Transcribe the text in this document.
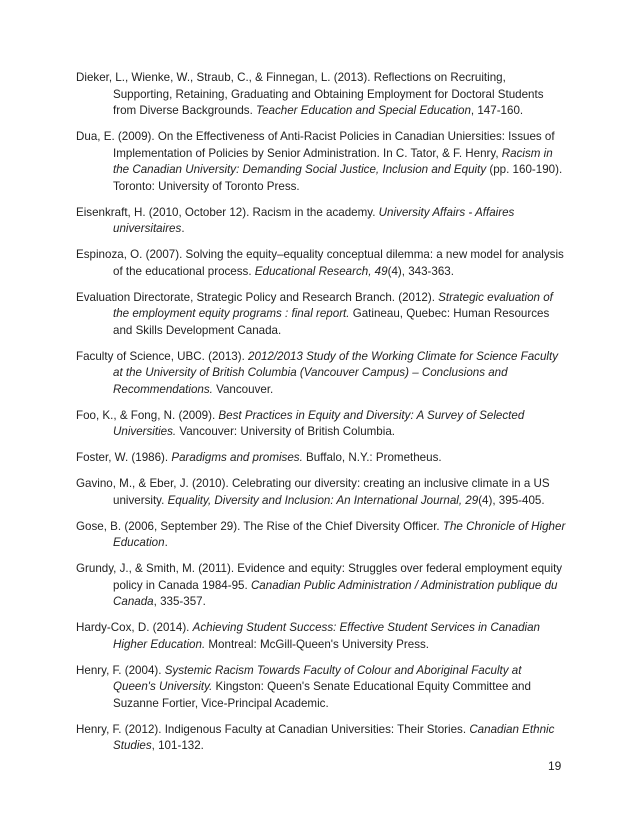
Dieker, L., Wienke, W., Straub, C., & Finnegan, L. (2013). Reflections on Recruiting, Supporting, Retaining, Graduating and Obtaining Employment for Doctoral Students from Diverse Backgrounds. Teacher Education and Special Education, 147-160.

Dua, E. (2009). On the Effectiveness of Anti-Racist Policies in Canadian Uniersities: Issues of Implementation of Policies by Senior Administration. In C. Tator, & F. Henry, Racism in the Canadian University: Demanding Social Justice, Inclusion and Equity (pp. 160-190). Toronto: University of Toronto Press.

Eisenkraft, H. (2010, October 12). Racism in the academy. University Affairs - Affaires universitaires.

Espinoza, O. (2007). Solving the equity–equality conceptual dilemma: a new model for analysis of the educational process. Educational Research, 49(4), 343-363.

Evaluation Directorate, Strategic Policy and Research Branch. (2012). Strategic evaluation of the employment equity programs : final report. Gatineau, Quebec: Human Resources and Skills Development Canada.

Faculty of Science, UBC. (2013). 2012/2013 Study of the Working Climate for Science Faculty at the University of British Columbia (Vancouver Campus) – Conclusions and Recommendations. Vancouver.

Foo, K., & Fong, N. (2009). Best Practices in Equity and Diversity: A Survey of Selected Universities. Vancouver: University of British Columbia.

Foster, W. (1986). Paradigms and promises. Buffalo, N.Y.: Prometheus.

Gavino, M., & Eber, J. (2010). Celebrating our diversity: creating an inclusive climate in a US university. Equality, Diversity and Inclusion: An International Journal, 29(4), 395-405.

Gose, B. (2006, September 29). The Rise of the Chief Diversity Officer. The Chronicle of Higher Education.

Grundy, J., & Smith, M. (2011). Evidence and equity: Struggles over federal employment equity policy in Canada 1984-95. Canadian Public Administration / Administration publique du Canada, 335-357.

Hardy-Cox, D. (2014). Achieving Student Success: Effective Student Services in Canadian Higher Education. Montreal: McGill-Queen's University Press.

Henry, F. (2004). Systemic Racism Towards Faculty of Colour and Aboriginal Faculty at Queen's University. Kingston: Queen's Senate Educational Equity Committee and Suzanne Fortier, Vice-Principal Academic.

Henry, F. (2012). Indigenous Faculty at Canadian Universities: Their Stories. Canadian Ethnic Studies, 101-132.

19
